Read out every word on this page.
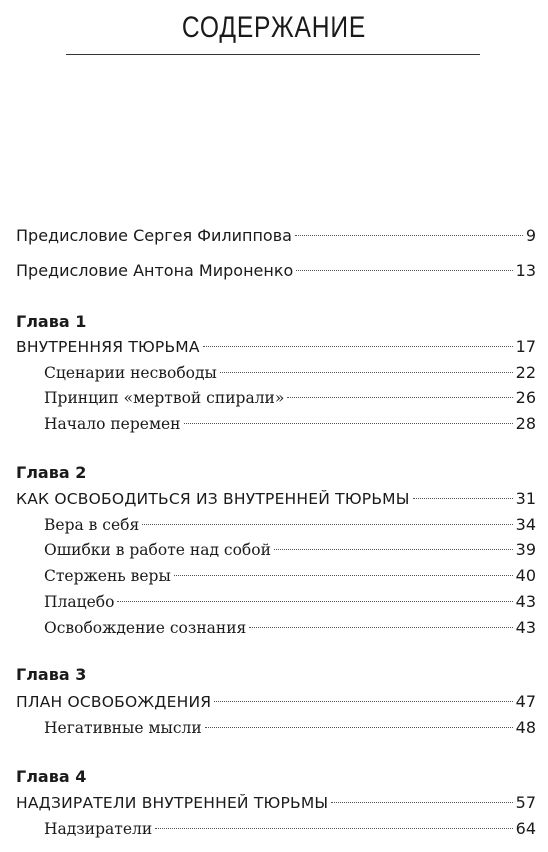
СОДЕРЖАНИЕ
Предисловие Сергея Филиппова	9
Предисловие Антона Мироненко	13
Глава 1
ВНУТРЕННЯЯ ТЮРЬМА	17
Сценарии несвободы	22
Принцип «мертвой спирали»	26
Начало перемен	28
Глава 2
КАК ОСВОБОДИТЬСЯ ИЗ ВНУТРЕННЕЙ ТЮРЬМЫ	31
Вера в себя	34
Ошибки в работе над собой	39
Стержень веры	40
Плацебо	43
Освобождение сознания	43
Глава 3
ПЛАН ОСВОБОЖДЕНИЯ	47
Негативные мысли	48
Глава 4
НАДЗИРАТЕЛИ ВНУТРЕННЕЙ ТЮРЬМЫ	57
Надзиратели	64
